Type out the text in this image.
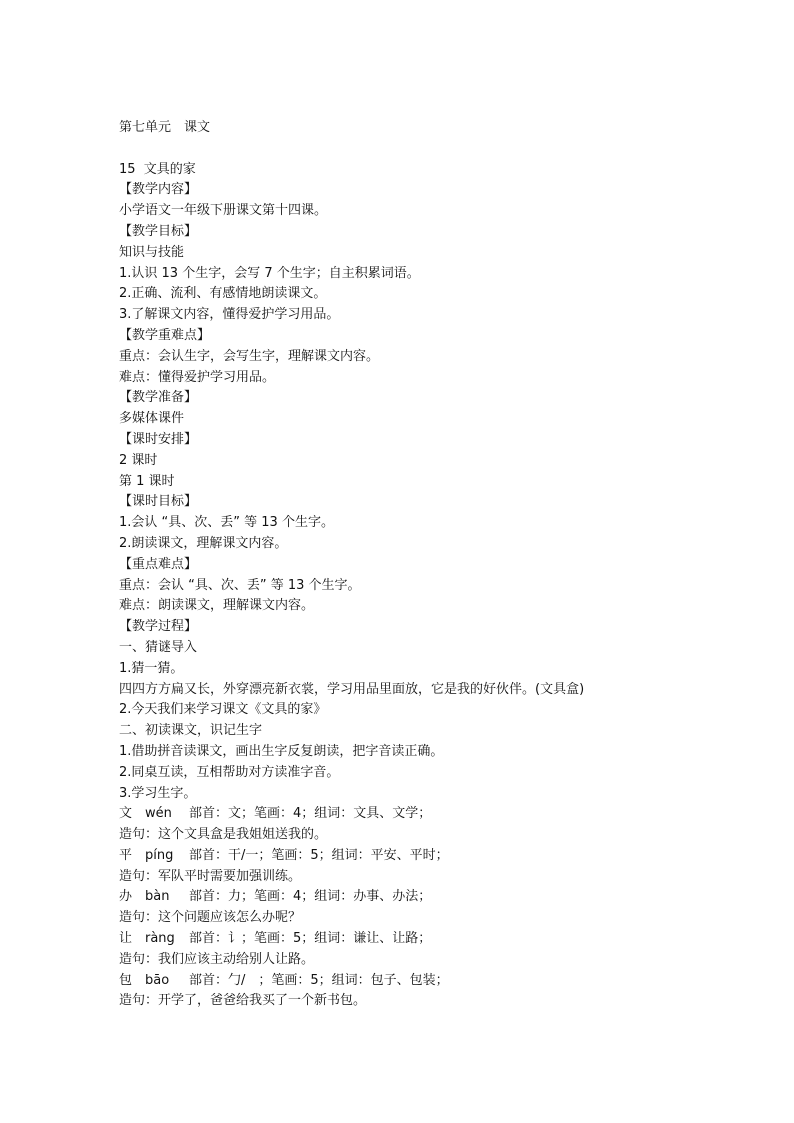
第七单元　课文
15  文具的家
【教学内容】
小学语文一年级下册课文第十四课。
【教学目标】
知识与技能
1.认识 13 个生字，会写 7 个生字；自主积累词语。
2.正确、流利、有感情地朗读课文。
3.了解课文内容，懂得爱护学习用品。
【教学重难点】
重点：会认生字，会写生字，理解课文内容。
难点：懂得爱护学习用品。
【教学准备】
多媒体课件
【课时安排】
2 课时
第 1 课时
【课时目标】
1.会认 “具、次、丢” 等 13 个生字。
2.朗读课文，理解课文内容。
【重点难点】
重点：会认 “具、次、丢” 等 13 个生字。
难点：朗读课文，理解课文内容。
【教学过程】
一、猜谜导入
1.猜一猜。
四四方方扁又长，外穿漂亮新衣裳，学习用品里面放，它是我的好伙伴。(文具盒)
2.今天我们来学习课文《文具的家》
二、初读课文，识记生字
1.借助拼音读课文，画出生字反复朗读，把字音读正确。
2.同桌互读，互相帮助对方读准字音。
3.学习生字。
文 wén 部首：文；笔画：4；组词：文具、文学；
造句：这个文具盒是我姐姐送我的。
平 píng 部首：干/一；笔画：5；组词：平安、平时；
造句：军队平时需要加强训练。
办 bàn 部首：力；笔画：4；组词：办事、办法；
造句：这个问题应该怎么办呢？
让 ràng 部首：讠；笔画：5；组词：谦让、让路；
造句：我们应该主动给别人让路。
包 bāo 部首：勹/　；笔画：5；组词：包子、包装；
造句：开学了，爸爸给我买了一个新书包。
